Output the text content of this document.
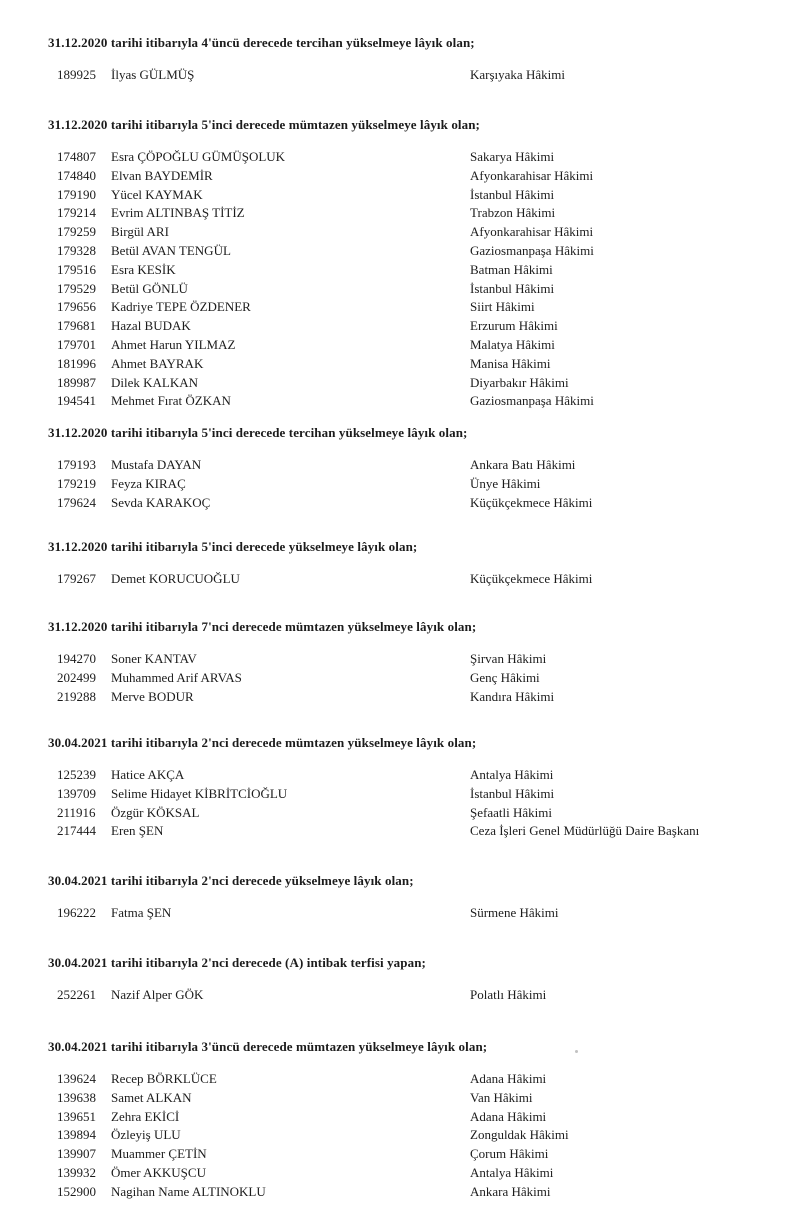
31.12.2020 tarihi itibarıyla 4'üncü derecede tercihan yükselmeye lâyık olan;
189925	İlyas GÜLMÜŞ	Karşıyaka Hâkimi
31.12.2020 tarihi itibarıyla 5'inci derecede mümtazen yükselmeye lâyık olan;
174807	Esra ÇÖPOĞLU GÜMÜŞOLUK	Sakarya Hâkimi
174840	Elvan BAYDEMİR	Afyonkarahisar Hâkimi
179190	Yücel KAYMAK	İstanbul Hâkimi
179214	Evrim ALTINBAŞ TİTİZ	Trabzon Hâkimi
179259	Birgül ARI	Afyonkarahisar Hâkimi
179328	Betül AVAN TENGÜL	Gaziosmanpaşa Hâkimi
179516	Esra KESİK	Batman Hâkimi
179529	Betül GÖNLÜ	İstanbul Hâkimi
179656	Kadriye TEPE ÖZDENER	Siirt Hâkimi
179681	Hazal BUDAK	Erzurum Hâkimi
179701	Ahmet Harun YILMAZ	Malatya Hâkimi
181996	Ahmet BAYRAK	Manisa Hâkimi
189987	Dilek KALKAN	Diyarbakır Hâkimi
194541	Mehmet Fırat ÖZKAN	Gaziosmanpaşa Hâkimi
31.12.2020 tarihi itibarıyla 5'inci derecede tercihan yükselmeye lâyık olan;
179193	Mustafa DAYAN	Ankara Batı Hâkimi
179219	Feyza KIRAÇ	Ünye Hâkimi
179624	Sevda KARAKOÇ	Küçükçekmece Hâkimi
31.12.2020 tarihi itibarıyla 5'inci derecede yükselmeye lâyık olan;
179267	Demet KORUCUOĞLU	Küçükçekmece Hâkimi
31.12.2020 tarihi itibarıyla 7'nci derecede mümtazen yükselmeye lâyık olan;
194270	Soner KANTAV	Şirvan Hâkimi
202499	Muhammed Arif ARVAS	Genç Hâkimi
219288	Merve BODUR	Kandıra Hâkimi
30.04.2021 tarihi itibarıyla 2'nci derecede mümtazen yükselmeye lâyık olan;
125239	Hatice AKÇA	Antalya Hâkimi
139709	Selime Hidayet KİBRİTCİOĞLU	İstanbul Hâkimi
211916	Özgür KÖKSAL	Şefaatli Hâkimi
217444	Eren ŞEN	Ceza İşleri Genel Müdürlüğü Daire Başkanı
30.04.2021 tarihi itibarıyla 2'nci derecede yükselmeye lâyık olan;
196222	Fatma ŞEN	Sürmene Hâkimi
30.04.2021 tarihi itibarıyla 2'nci derecede (A) intibak terfisi yapan;
252261	Nazif Alper GÖK	Polatlı Hâkimi
30.04.2021 tarihi itibarıyla 3'üncü derecede mümtazen yükselmeye lâyık olan;
139624	Recep BÖRKLÜCE	Adana Hâkimi
139638	Samet ALKAN	Van Hâkimi
139651	Zehra EKİCİ	Adana Hâkimi
139894	Özleyiş ULU	Zonguldak Hâkimi
139907	Muammer ÇETİN	Çorum Hâkimi
139932	Ömer AKKUŞCU	Antalya Hâkimi
152900	Nagihan Name ALTINOKLU	Ankara Hâkimi
